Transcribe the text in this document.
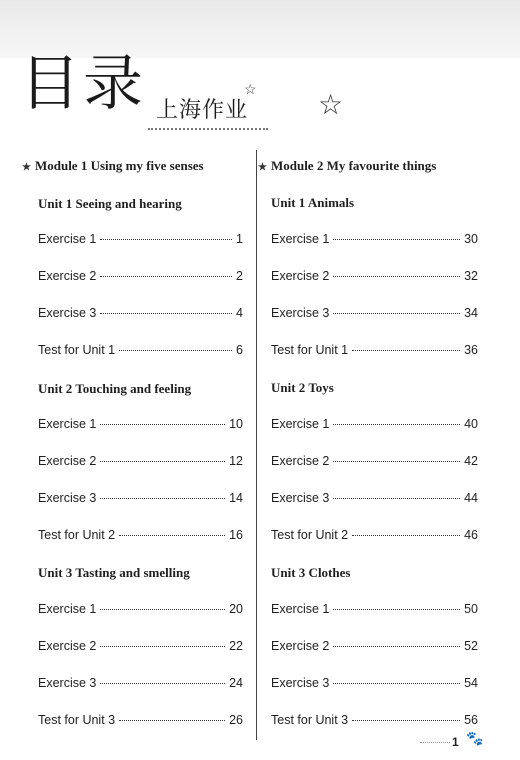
目录 上海作业
☆ ☆
★ Module 1 Using my five senses
Unit 1 Seeing and hearing
Exercise 1	1
Exercise 2	2
Exercise 3	4
Test for Unit 1	6
Unit 2 Touching and feeling
Exercise 1	10
Exercise 2	12
Exercise 3	14
Test for Unit 2	16
Unit 3 Tasting and smelling
Exercise 1	20
Exercise 2	22
Exercise 3	24
Test for Unit 3	26
★ Module 2 My favourite things
Unit 1 Animals
Exercise 1	30
Exercise 2	32
Exercise 3	34
Test for Unit 1	36
Unit 2 Toys
Exercise 1	40
Exercise 2	42
Exercise 3	44
Test for Unit 2	46
Unit 3 Clothes
Exercise 1	50
Exercise 2	52
Exercise 3	54
Test for Unit 3	56
1 🐾
